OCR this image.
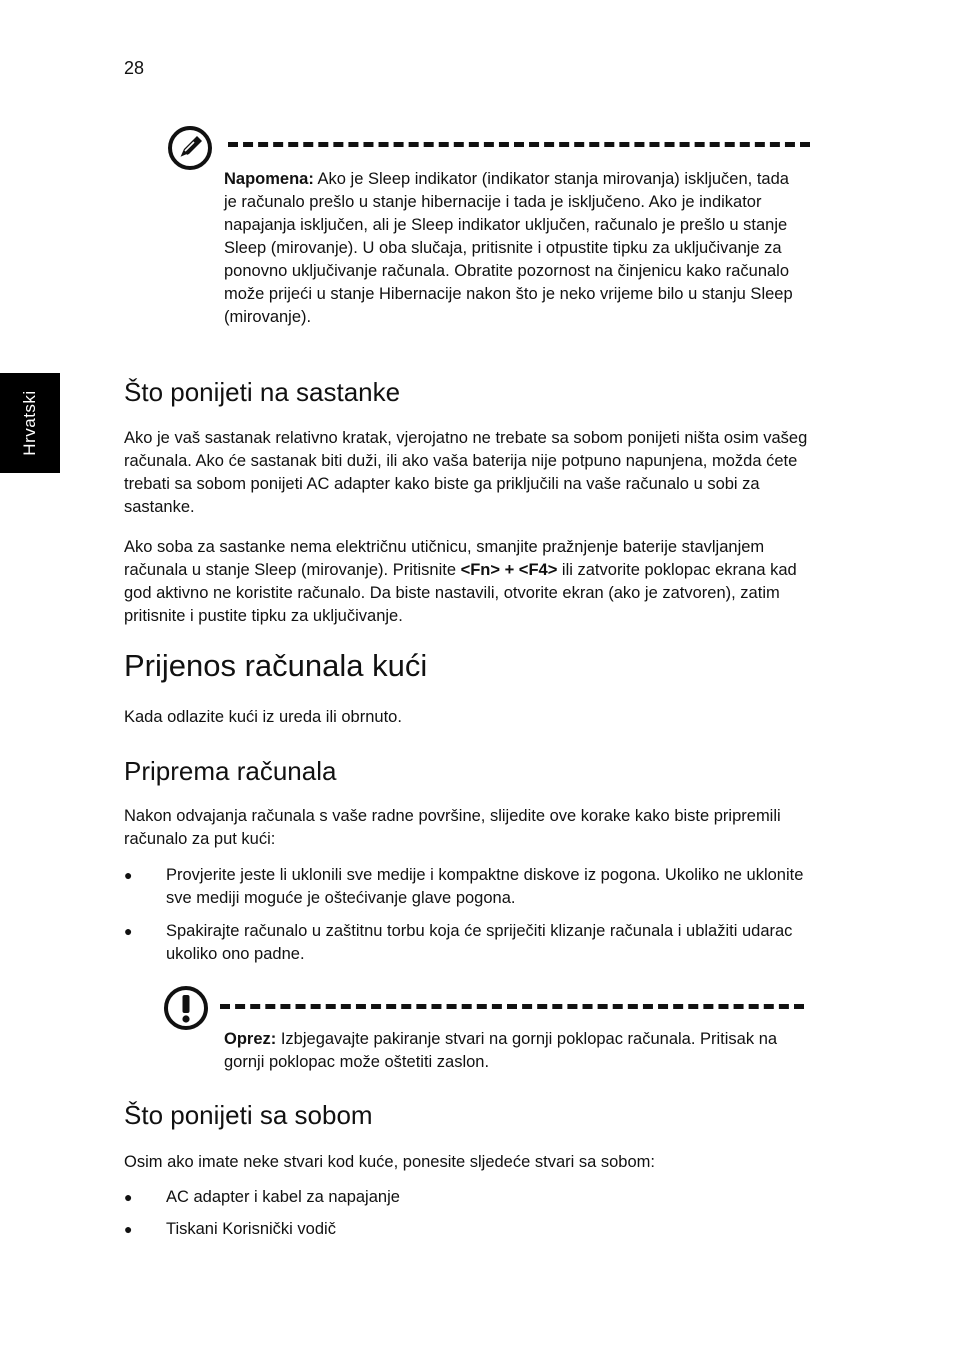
28
Hrvatski
Napomena: Ako je Sleep indikator (indikator stanja mirovanja) isključen, tada je računalo prešlo u stanje hibernacije i tada je isključeno. Ako je indikator napajanja isključen, ali je Sleep indikator uključen, računalo je prešlo u stanje Sleep (mirovanje). U oba slučaja, pritisnite i otpustite tipku za uključivanje za ponovno uključivanje računala. Obratite pozornost na činjenicu kako računalo može prijeći u stanje Hibernacije nakon što je neko vrijeme bilo u stanju Sleep (mirovanje).
Što ponijeti na sastanke

Ako je vaš sastanak relativno kratak, vjerojatno ne trebate sa sobom ponijeti ništa osim vašeg računala. Ako će sastanak biti duži, ili ako vaša baterija nije potpuno napunjena, možda ćete trebati sa sobom ponijeti AC adapter kako biste ga priključili na vaše računalo u sobi za sastanke.

Ako soba za sastanke nema električnu utičnicu, smanjite pražnjenje baterije stavljanjem računala u stanje Sleep (mirovanje). Pritisnite <Fn> + <F4> ili zatvorite poklopac ekrana kad god aktivno ne koristite računalo. Da biste nastavili, otvorite ekran (ako je zatvoren), zatim pritisnite i pustite tipku za uključivanje.

Prijenos računala kući

Kada odlazite kući iz ureda ili obrnuto.

Priprema računala

Nakon odvajanja računala s vaše radne površine, slijedite ove korake kako biste pripremili računalo za put kući:

● Provjerite jeste li uklonili sve medije i kompaktne diskove iz pogona. Ukoliko ne uklonite sve mediji moguće je oštećivanje glave pogona.
● Spakirajte računalo u zaštitnu torbu koja će spriječiti klizanje računala i ublažiti udarac ukoliko ono padne.
Oprez: Izbjegavajte pakiranje stvari na gornji poklopac računala. Pritisak na gornji poklopac može oštetiti zaslon.
Što ponijeti sa sobom

Osim ako imate neke stvari kod kuće, ponesite sljedeće stvari sa sobom:

● AC adapter i kabel za napajanje
● Tiskani Korisnički vodič
